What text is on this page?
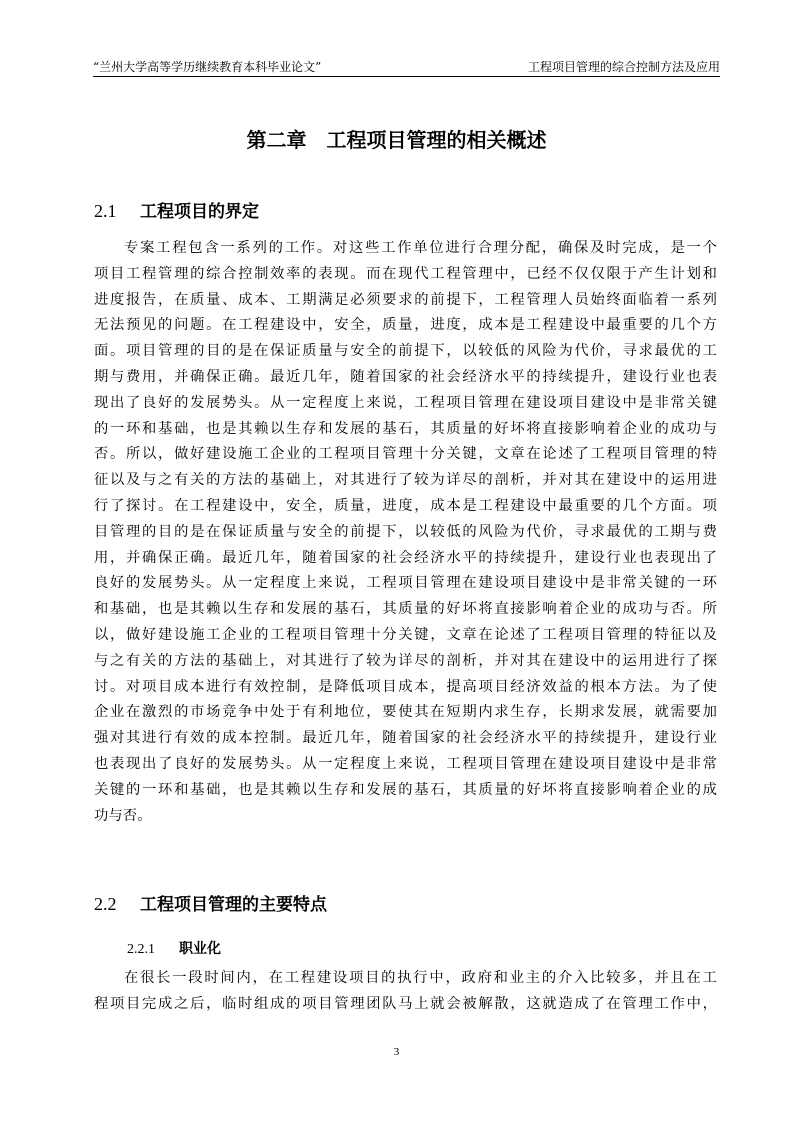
“兰州大学高等学历继续教育本科毕业论文”	工程项目管理的综合控制方法及应用
第二章　工程项目管理的相关概述
2.1 工程项目的界定
专案工程包含一系列的工作。对这些工作单位进行合理分配，确保及时完成，是一个
项目工程管理的综合控制效率的表现。而在现代工程管理中，已经不仅仅限于产生计划和
进度报告，在质量、成本、工期满足必须要求的前提下，工程管理人员始终面临着一系列
无法预见的问题。在工程建设中，安全，质量，进度，成本是工程建设中最重要的几个方
面。项目管理的目的是在保证质量与安全的前提下，以较低的风险为代价，寻求最优的工
期与费用，并确保正确。最近几年，随着国家的社会经济水平的持续提升，建设行业也表
现出了良好的发展势头。从一定程度上来说，工程项目管理在建设项目建设中是非常关键
的一环和基础，也是其赖以生存和发展的基石，其质量的好坏将直接影响着企业的成功与
否。所以，做好建设施工企业的工程项目管理十分关键，文章在论述了工程项目管理的特
征以及与之有关的方法的基础上，对其进行了较为详尽的剖析，并对其在建设中的运用进
行了探讨。在工程建设中，安全，质量，进度，成本是工程建设中最重要的几个方面。项
目管理的目的是在保证质量与安全的前提下，以较低的风险为代价，寻求最优的工期与费
用，并确保正确。最近几年，随着国家的社会经济水平的持续提升，建设行业也表现出了
良好的发展势头。从一定程度上来说，工程项目管理在建设项目建设中是非常关键的一环
和基础，也是其赖以生存和发展的基石，其质量的好坏将直接影响着企业的成功与否。所
以，做好建设施工企业的工程项目管理十分关键，文章在论述了工程项目管理的特征以及
与之有关的方法的基础上，对其进行了较为详尽的剖析，并对其在建设中的运用进行了探
讨。对项目成本进行有效控制，是降低项目成本，提高项目经济效益的根本方法。为了使
企业在激烈的市场竞争中处于有利地位，要使其在短期内求生存，长期求发展，就需要加
强对其进行有效的成本控制。最近几年，随着国家的社会经济水平的持续提升，建设行业
也表现出了良好的发展势头。从一定程度上来说，工程项目管理在建设项目建设中是非常
关键的一环和基础，也是其赖以生存和发展的基石，其质量的好坏将直接影响着企业的成
功与否。
2.2 工程项目管理的主要特点
2.2.1 职业化
在很长一段时间内，在工程建设项目的执行中，政府和业主的介入比较多，并且在工
程项目完成之后，临时组成的项目管理团队马上就会被解散，这就造成了在管理工作中，
3
